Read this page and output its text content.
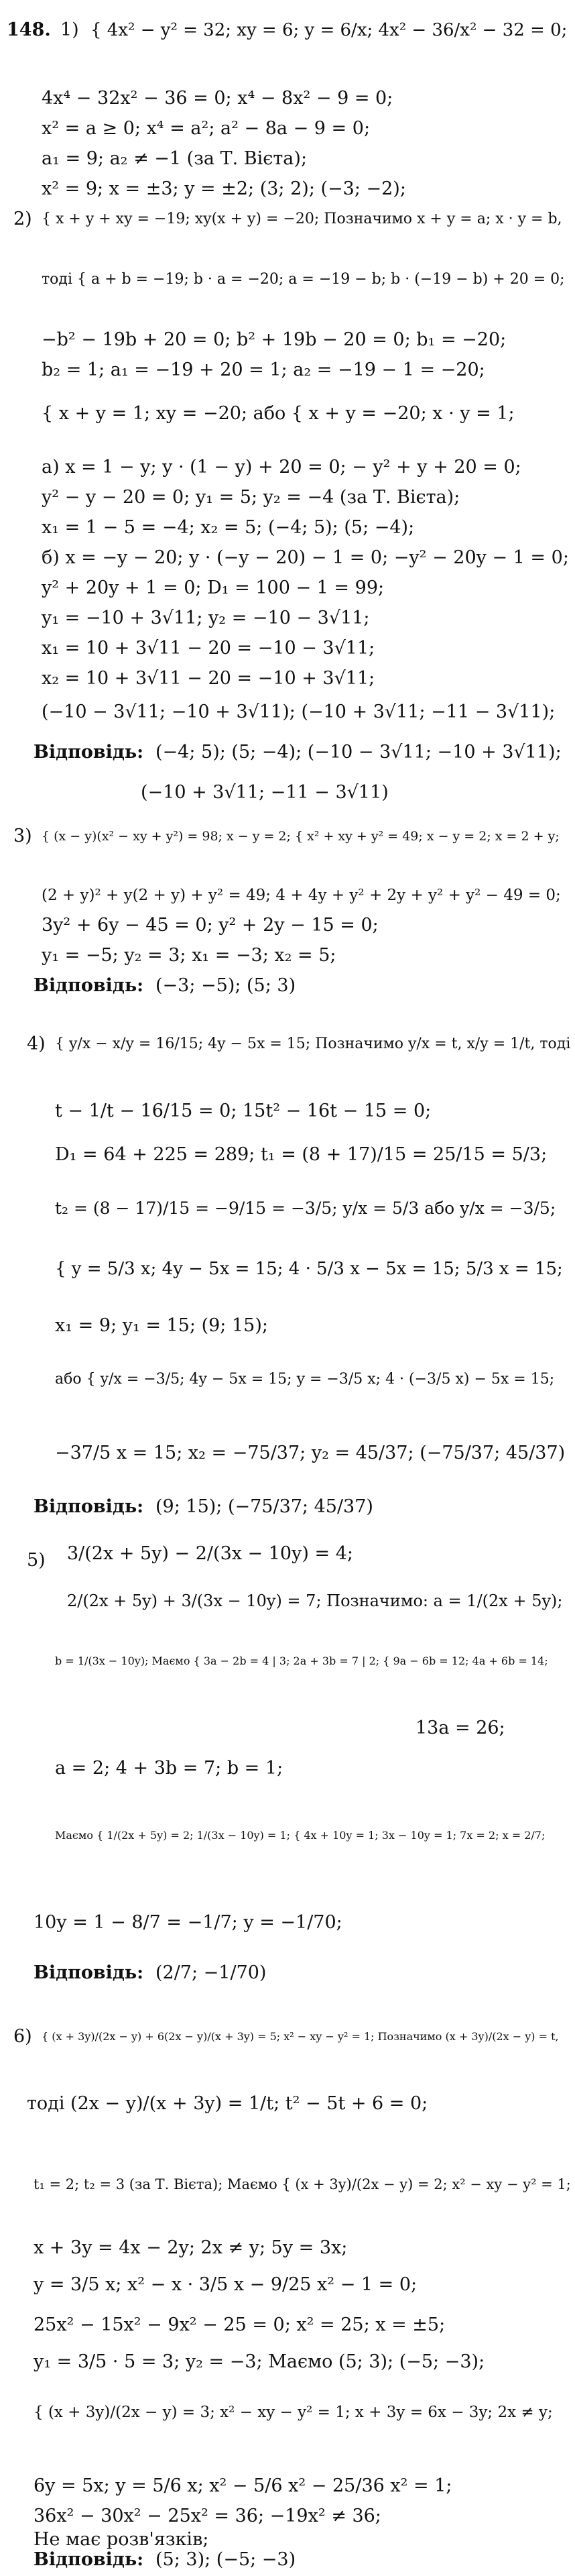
148. 1) { 4x² − y² = 32; xy = 6; y = 6/x; 4x² − 36/x² − 32 = 0;
4x⁴ − 32x² − 36 = 0; x⁴ − 8x² − 9 = 0;
x² = a ≥ 0; x⁴ = a²; a² − 8a − 9 = 0;
a₁ = 9; a₂ ≠ −1 (за Т. Вієта);
x² = 9; x = ±3; y = ±2; (3; 2); (−3; −2);
2) { x + y + xy = −19; xy(x + y) = −20; Позначимо x + y = a; x · y = b,
тоді { a + b = −19; b · a = −20; a = −19 − b; b · (−19 − b) + 20 = 0;
−b² − 19b + 20 = 0; b² + 19b − 20 = 0; b₁ = −20;
b₂ = 1; a₁ = −19 + 20 = 1; a₂ = −19 − 1 = −20;
{ x + y = 1; xy = −20; або { x + y = −20; x · y = 1;
а) x = 1 − y; y · (1 − y) + 20 = 0; − y² + y + 20 = 0;
y² − y − 20 = 0; y₁ = 5; y₂ = −4 (за Т. Вієта);
x₁ = 1 − 5 = −4; x₂ = 5; (−4; 5); (5; −4);
б) x = −y − 20; y · (−y − 20) − 1 = 0; −y² − 20y − 1 = 0;
y² + 20y + 1 = 0; D₁ = 100 − 1 = 99;
y₁ = −10 + 3√11; y₂ = −10 − 3√11;
x₁ = 10 + 3√11 − 20 = −10 − 3√11;
x₂ = 10 + 3√11 − 20 = −10 + 3√11;
(−10 − 3√11; −10 + 3√11); (−10 + 3√11; −11 − 3√11);
Відповідь: (−4; 5); (5; −4); (−10 − 3√11; −10 + 3√11);
(−10 + 3√11; −11 − 3√11)
3) { (x − y)(x² − xy + y²) = 98; x − y = 2; { x² + xy + y² = 49; x − y = 2; x = 2 + y;
(2 + y)² + y(2 + y) + y² = 49; 4 + 4y + y² + 2y + y² + y² − 49 = 0;
3y² + 6y − 45 = 0; y² + 2y − 15 = 0;
y₁ = −5; y₂ = 3; x₁ = −3; x₂ = 5;
Відповідь: (−3; −5); (5; 3)
4) { y/x − x/y = 16/15; 4y − 5x = 15; Позначимо y/x = t, x/y = 1/t, тоді
t − 1/t − 16/15 = 0; 15t² − 16t − 15 = 0;
D₁ = 64 + 225 = 289; t₁ = (8 + 17)/15 = 25/15 = 5/3;
t₂ = (8 − 17)/15 = −9/15 = −3/5; y/x = 5/3 або y/x = −3/5;
{ y = 5/3 x; 4y − 5x = 15; 4 · 5/3 x − 5x = 15; 5/3 x = 15;
x₁ = 9; y₁ = 15; (9; 15);
або { y/x = −3/5; 4y − 5x = 15; y = −3/5 x; 4 · (−3/5 x) − 5x = 15;
−37/5 x = 15; x₂ = −75/37; y₂ = 45/37; (−75/37; 45/37)
Відповідь: (9; 15); (−75/37; 45/37)
5) 3/(2x + 5y) − 2/(3x − 10y) = 4;
2/(2x + 5y) + 3/(3x − 10y) = 7; Позначимо: a = 1/(2x + 5y);
b = 1/(3x − 10y); Маємо { 3a − 2b = 4 | 3; 2a + 3b = 7 | 2; { 9a − 6b = 12; 4a + 6b = 14;
13a = 26;
a = 2; 4 + 3b = 7; b = 1;
Маємо { 1/(2x + 5y) = 2; 1/(3x − 10y) = 1; { 4x + 10y = 1; 3x − 10y = 1; 7x = 2; x = 2/7;
10y = 1 − 8/7 = −1/7; y = −1/70;
Відповідь: (2/7; −1/70)
6) { (x + 3y)/(2x − y) + 6(2x − y)/(x + 3y) = 5; x² − xy − y² = 1; Позначимо (x + 3y)/(2x − y) = t,
тоді (2x − y)/(x + 3y) = 1/t; t² − 5t + 6 = 0;
t₁ = 2; t₂ = 3 (за Т. Вієта); Маємо { (x + 3y)/(2x − y) = 2; x² − xy − y² = 1;
x + 3y = 4x − 2y; 2x ≠ y; 5y = 3x;
y = 3/5 x; x² − x · 3/5 x − 9/25 x² − 1 = 0;
25x² − 15x² − 9x² − 25 = 0; x² = 25; x = ±5;
y₁ = 3/5 · 5 = 3; y₂ = −3; Маємо (5; 3); (−5; −3);
{ (x + 3y)/(2x − y) = 3; x² − xy − y² = 1; x + 3y = 6x − 3y; 2x ≠ y;
6y = 5x; y = 5/6 x; x² − 5/6 x² − 25/36 x² = 1;
36x² − 30x² − 25x² = 36; −19x² ≠ 36;
Не має розв'язків;
Відповідь: (5; 3); (−5; −3)
